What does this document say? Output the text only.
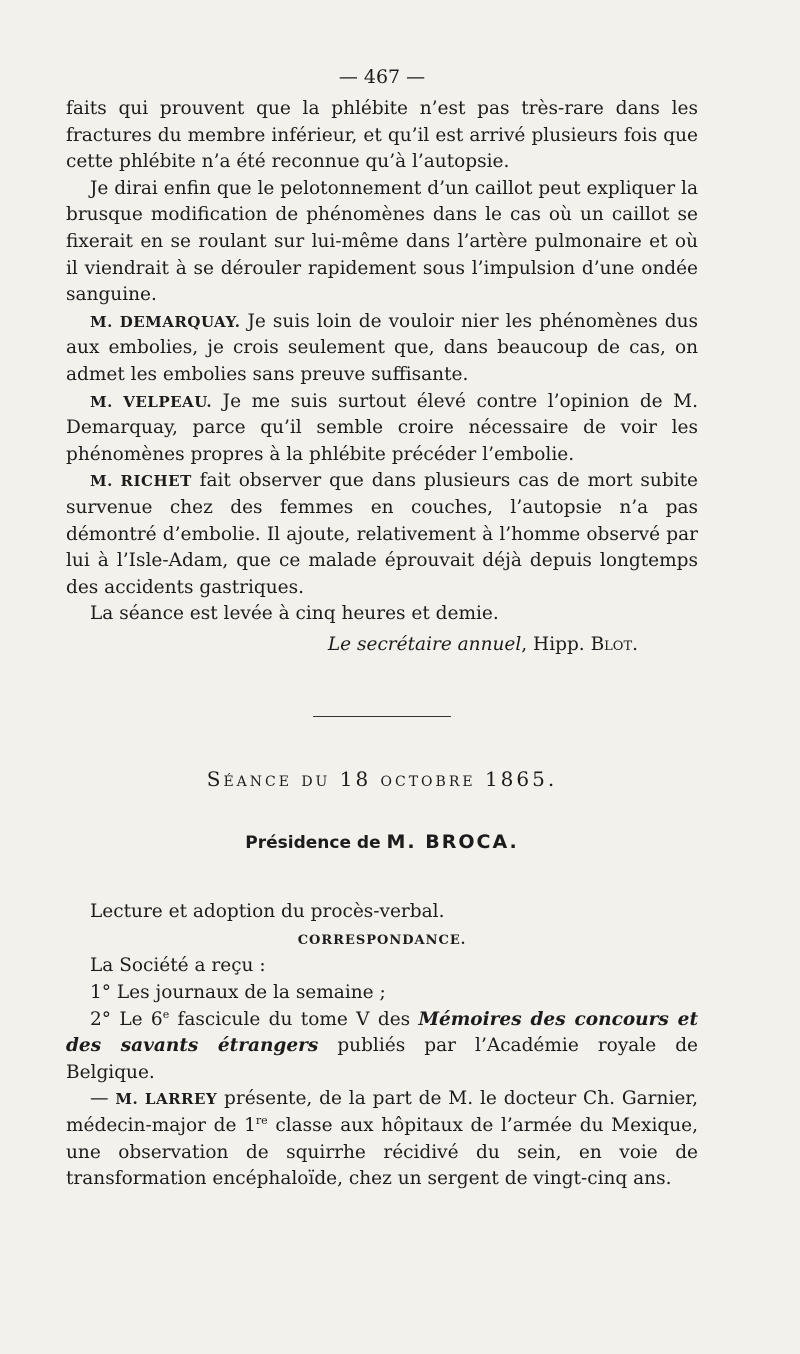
— 467 —

faits qui prouvent que la phlébite n’est pas très-rare dans les fractures du membre inférieur, et qu’il est arrivé plusieurs fois que cette phlébite n’a été reconnue qu’à l’autopsie.

Je dirai enfin que le pelotonnement d’un caillot peut expliquer la brusque modification de phénomènes dans le cas où un caillot se fixerait en se roulant sur lui-même dans l’artère pulmonaire et où il viendrait à se dérouler rapidement sous l’impulsion d’une ondée sanguine.

M. DEMARQUAY. Je suis loin de vouloir nier les phénomènes dus aux embolies, je crois seulement que, dans beaucoup de cas, on admet les embolies sans preuve suffisante.

M. VELPEAU. Je me suis surtout élevé contre l’opinion de M. Demarquay, parce qu’il semble croire nécessaire de voir les phénomènes propres à la phlébite précéder l’embolie.

M. RICHET fait observer que dans plusieurs cas de mort subite survenue chez des femmes en couches, l’autopsie n’a pas démontré d’embolie. Il ajoute, relativement à l’homme observé par lui à l’Isle-Adam, que ce malade éprouvait déjà depuis longtemps des accidents gastriques.

La séance est levée à cinq heures et demie.

Le secrétaire annuel, Hipp. Blot.
Séance du 18 octobre 1865.
Présidence de M. BROCA.

Lecture et adoption du procès-verbal.

CORRESPONDANCE.

La Société a reçu :

1° Les journaux de la semaine ;

2° Le 6e fascicule du tome V des Mémoires des concours et des savants étrangers publiés par l’Académie royale de Belgique.

— M. LARREY présente, de la part de M. le docteur Ch. Garnier, médecin-major de 1re classe aux hôpitaux de l’armée du Mexique, une observation de squirrhe récidivé du sein, en voie de transformation encéphaloïde, chez un sergent de vingt-cinq ans.
